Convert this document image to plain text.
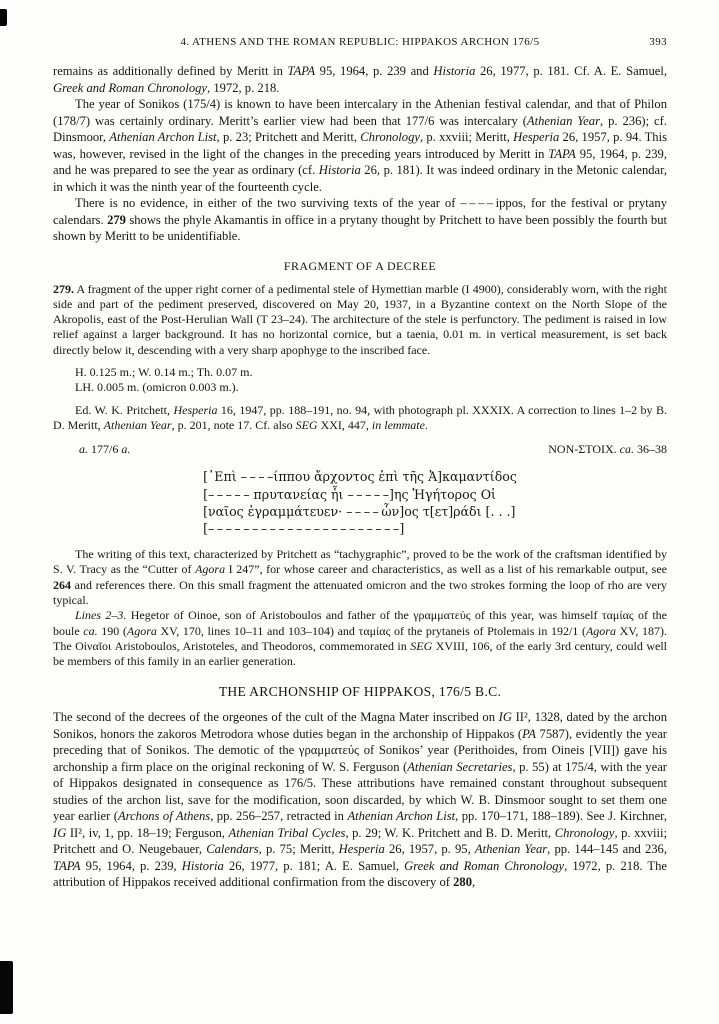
4. ATHENS AND THE ROMAN REPUBLIC: HIPPAKOS ARCHON 176/5	393

remains as additionally defined by Meritt in TAPA 95, 1964, p. 239 and Historia 26, 1977, p. 181. Cf. A. E. Samuel, Greek and Roman Chronology, 1972, p. 218.

The year of Sonikos (175/4) is known to have been intercalary in the Athenian festival calendar, and that of Philon (178/7) was certainly ordinary. Meritt’s earlier view had been that 177/6 was intercalary (Athenian Year, p. 236); cf. Dinsmoor, Athenian Archon List, p. 23; Pritchett and Meritt, Chronology, p. xxviii; Meritt, Hesperia 26, 1957, p. 94. This was, however, revised in the light of the changes in the preceding years introduced by Meritt in TAPA 95, 1964, p. 239, and he was prepared to see the year as ordinary (cf. Historia 26, p. 181). It was indeed ordinary in the Metonic calendar, in which it was the ninth year of the fourteenth cycle.

There is no evidence, in either of the two surviving texts of the year of – – – – ippos, for the festival or prytany calendars. 279 shows the phyle Akamantis in office in a prytany thought by Pritchett to have been possibly the fourth but shown by Meritt to be unidentifiable.

FRAGMENT OF A DECREE

279. A fragment of the upper right corner of a pedimental stele of Hymettian marble (I 4900), considerably worn, with the right side and part of the pediment preserved, discovered on May 20, 1937, in a Byzantine context on the North Slope of the Akropolis, east of the Post-Herulian Wall (T 23–24). The architecture of the stele is perfunctory. The pediment is raised in low relief against a larger background. It has no horizontal cornice, but a taenia, 0.01 m. in vertical measurement, is set back directly below it, descending with a very sharp apophyge to the inscribed face.

H. 0.125 m.; W. 0.14 m.; Th. 0.07 m.

LH. 0.005 m. (omicron 0.003 m.).

Ed. W. K. Pritchett, Hesperia 16, 1947, pp. 188–191, no. 94, with photograph pl. XXXIX. A correction to lines 1–2 by B. D. Meritt, Athenian Year, p. 201, note 17. Cf. also SEG XXI, 447, in lemmate.

a. 177/6 a.	NON-ΣΤΟΙΧ. ca. 36–38
[᾽Επὶ – – – –ίππου ἄρχοντος ἐπὶ τῆς Ἀ]καμαντίδος
[– – – – – πρυτανείας ἧι – – – – –]ης Ἡγήτορος Οἰ
[ναῖος ἐγραμμάτευεν· – – – – ὧν]ος τ[ετ]ράδι [. . .]
[– – – – – – – – – – – – – – – – – – – – – –]

The writing of this text, characterized by Pritchett as “tachygraphic”, proved to be the work of the craftsman identified by S. V. Tracy as the “Cutter of Agora I 247”, for whose career and characteristics, as well as a list of his remarkable output, see 264 and references there. On this small fragment the attenuated omicron and the two strokes forming the loop of rho are very typical.

Lines 2–3. Hegetor of Oinoe, son of Aristoboulos and father of the γραμματεύς of this year, was himself ταμίας of the boule ca. 190 (Agora XV, 170, lines 10–11 and 103–104) and ταμίας of the prytaneis of Ptolemais in 192/1 (Agora XV, 187). The Οἰναῖοι Aristoboulos, Aristoteles, and Theodoros, commemorated in SEG XVIII, 106, of the early 3rd century, could well be members of this family in an earlier generation.

THE ARCHONSHIP OF HIPPAKOS, 176/5 B.C.

The second of the decrees of the orgeones of the cult of the Magna Mater inscribed on IG II², 1328, dated by the archon Sonikos, honors the zakoros Metrodora whose duties began in the archonship of Hippakos (PA 7587), evidently the year preceding that of Sonikos. The demotic of the γραμματεύς of Sonikos’ year (Perithoides, from Oineis [VII]) gave his archonship a firm place on the original reckoning of W. S. Ferguson (Athenian Secretaries, p. 55) at 175/4, with the year of Hippakos designated in consequence as 176/5. These attributions have remained constant throughout subsequent studies of the archon list, save for the modification, soon discarded, by which W. B. Dinsmoor sought to set them one year earlier (Archons of Athens, pp. 256–257, retracted in Athenian Archon List, pp. 170–171, 188–189). See J. Kirchner, IG II², iv, 1, pp. 18–19; Ferguson, Athenian Tribal Cycles, p. 29; W. K. Pritchett and B. D. Meritt, Chronology, p. xxviii; Pritchett and O. Neugebauer, Calendars, p. 75; Meritt, Hesperia 26, 1957, p. 95, Athenian Year, pp. 144–145 and 236, TAPA 95, 1964, p. 239, Historia 26, 1977, p. 181; A. E. Samuel, Greek and Roman Chronology, 1972, p. 218. The attribution of Hippakos received additional confirmation from the discovery of 280,
